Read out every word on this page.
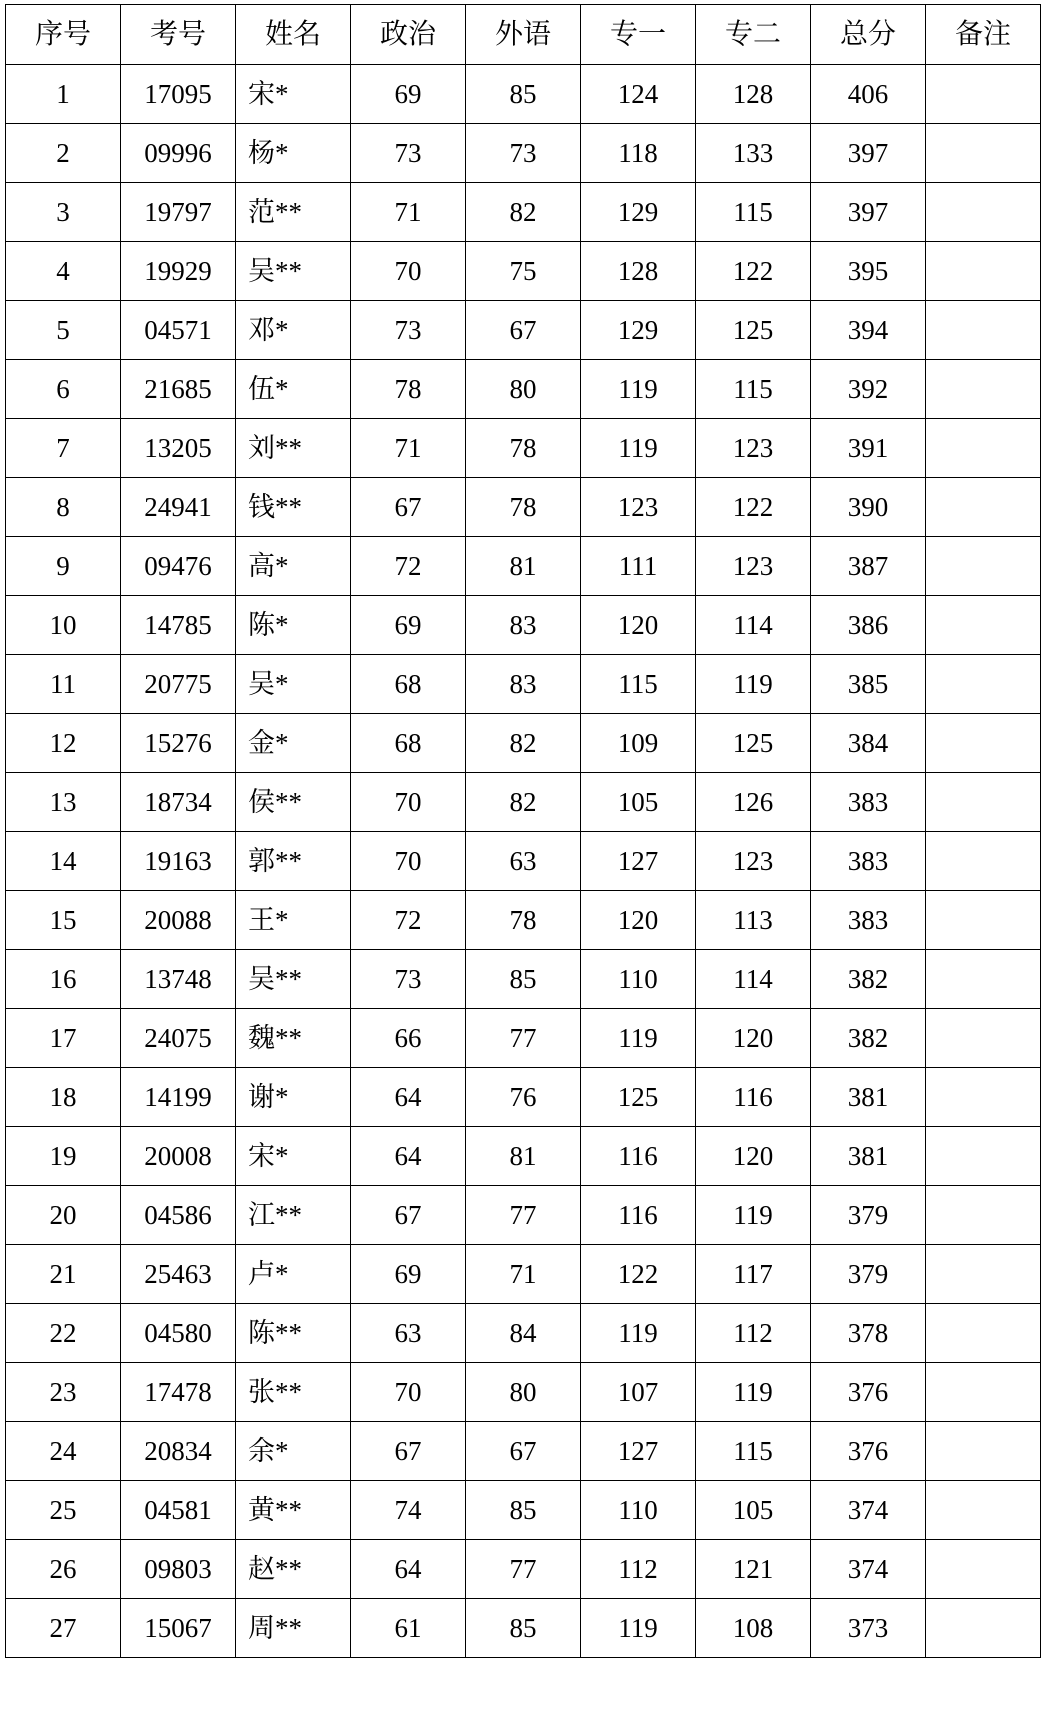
序号	考号	姓名	政治	外语	专一	专二	总分	备注
1	17095	宋*	69	85	124	128	406	
2	09996	杨*	73	73	118	133	397	
3	19797	范**	71	82	129	115	397	
4	19929	吴**	70	75	128	122	395	
5	04571	邓*	73	67	129	125	394	
6	21685	伍*	78	80	119	115	392	
7	13205	刘**	71	78	119	123	391	
8	24941	钱**	67	78	123	122	390	
9	09476	高*	72	81	111	123	387	
10	14785	陈*	69	83	120	114	386	
11	20775	吴*	68	83	115	119	385	
12	15276	金*	68	82	109	125	384	
13	18734	侯**	70	82	105	126	383	
14	19163	郭**	70	63	127	123	383	
15	20088	王*	72	78	120	113	383	
16	13748	吴**	73	85	110	114	382	
17	24075	魏**	66	77	119	120	382	
18	14199	谢*	64	76	125	116	381	
19	20008	宋*	64	81	116	120	381	
20	04586	江**	67	77	116	119	379	
21	25463	卢*	69	71	122	117	379	
22	04580	陈**	63	84	119	112	378	
23	17478	张**	70	80	107	119	376	
24	20834	余*	67	67	127	115	376	
25	04581	黄**	74	85	110	105	374	
26	09803	赵**	64	77	112	121	374	
27	15067	周**	61	85	119	108	373	
